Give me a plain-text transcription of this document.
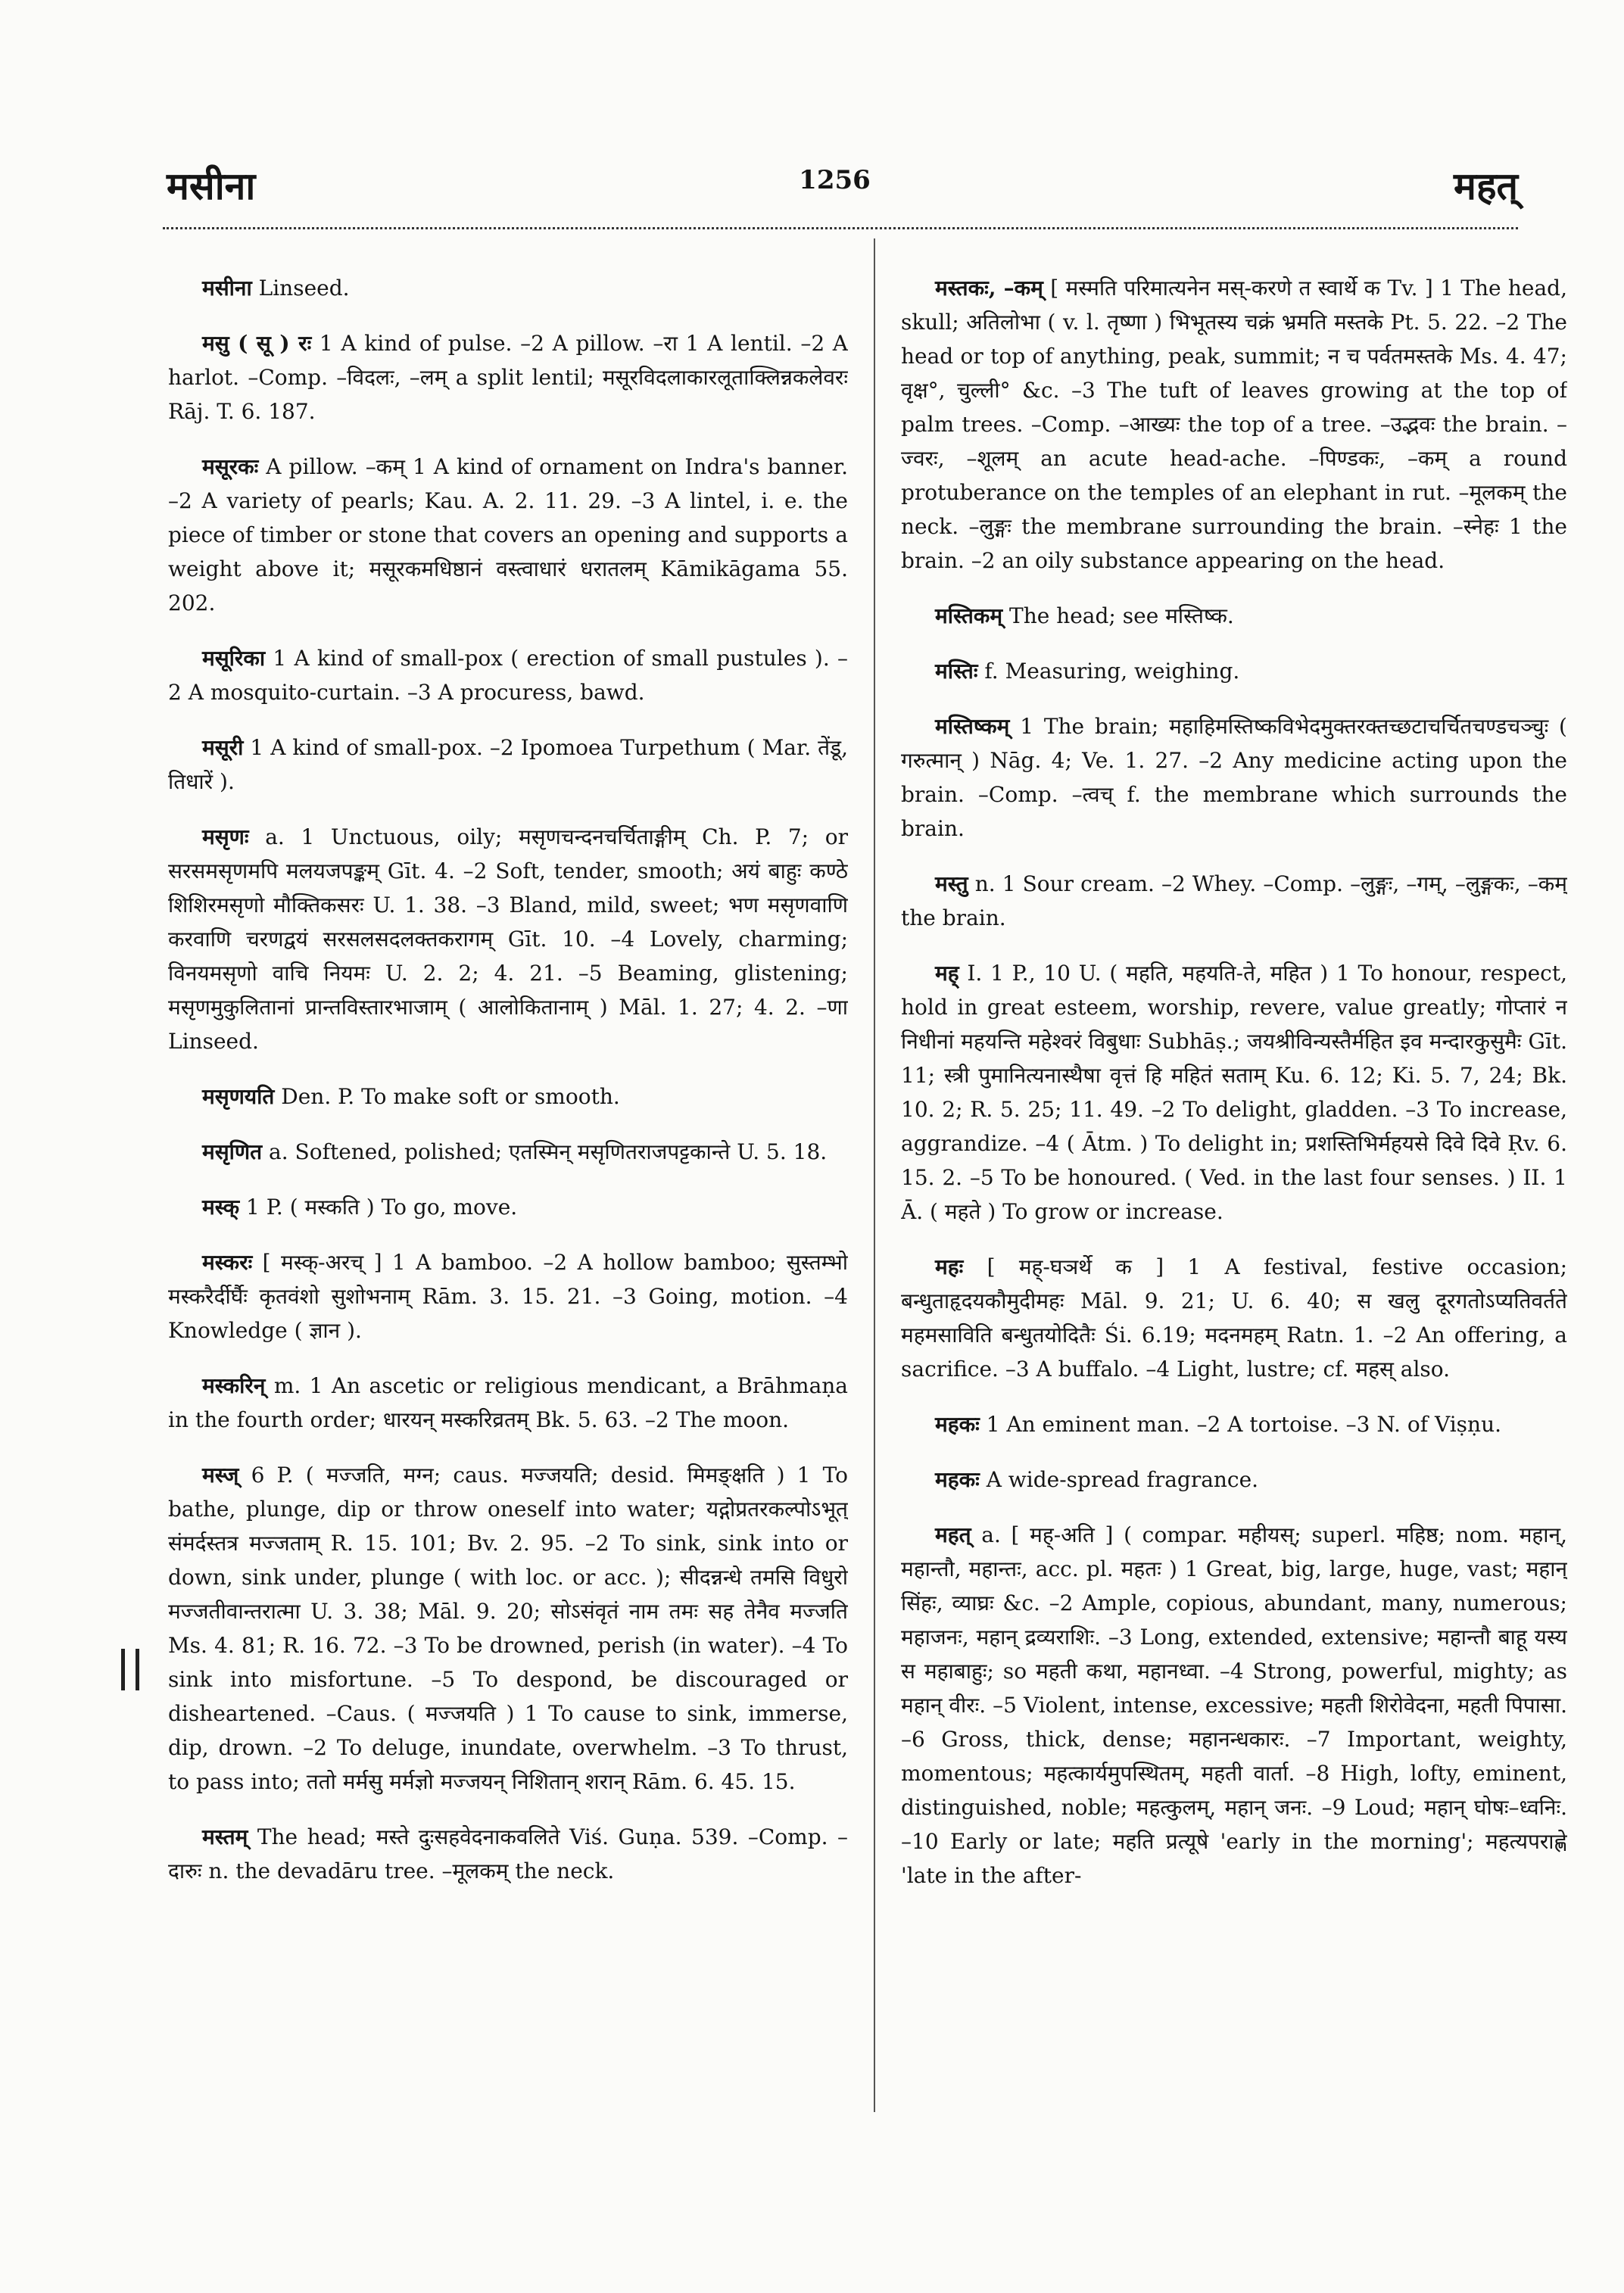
मसीना	1256	महत्

मसीना Linseed.

मसु ( सू ) रः 1 A kind of pulse. –2 A pillow. –रा 1 A lentil. –2 A harlot. –Comp. –विदलः, –लम् a split lentil; मसूरविदलाकारलूताक्लिन्नकलेवरः Rāj. T. 6. 187.

मसूरकः A pillow. –कम् 1 A kind of ornament on Indra's banner. –2 A variety of pearls; Kau. A. 2. 11. 29. –3 A lintel, i. e. the piece of timber or stone that covers an opening and supports a weight above it; मसूरकमधिष्ठानं वस्त्वाधारं धरातलम् Kāmikāgama 55. 202.

मसूरिका 1 A kind of small-pox ( erection of small pustules ). –2 A mosquito-curtain. –3 A procuress, bawd.

मसूरी 1 A kind of small-pox. –2 Ipomoea Turpethum ( Mar. तेंडू, तिधारें ).

मसृणः a. 1 Unctuous, oily; मसृणचन्दनचर्चिताङ्गीम् Ch. P. 7; or सरसमसृणमपि मलयजपङ्कम् Gīt. 4. –2 Soft, tender, smooth; अयं बाहुः कण्ठे शिशिरमसृणो मौक्तिकसरः U. 1. 38. –3 Bland, mild, sweet; भण मसृणवाणि करवाणि चरणद्वयं सरसलसदलक्तकरागम् Gīt. 10. –4 Lovely, charming; विनयमसृणो वाचि नियमः U. 2. 2; 4. 21. –5 Beaming, glistening; मसृणमुकुलितानां प्रान्तविस्तारभाजाम् ( आलोकितानाम् ) Māl. 1. 27; 4. 2. –णा Linseed.

मसृणयति Den. P. To make soft or smooth.

मसृणित a. Softened, polished; एतस्मिन् मसृणितराजपट्टकान्ते U. 5. 18.

मस्क् 1 P. ( मस्कति ) To go, move.

मस्करः [ मस्क्-अरच् ] 1 A bamboo. –2 A hollow bamboo; सुस्तम्भो मस्करैर्दीर्घैः कृतवंशो सुशोभनाम् Rām. 3. 15. 21. –3 Going, motion. –4 Knowledge ( ज्ञान ).

मस्करिन् m. 1 An ascetic or religious mendicant, a Brāhmaṇa in the fourth order; धारयन् मस्करिव्रतम् Bk. 5. 63. –2 The moon.

मस्ज् 6 P. ( मज्जति, मग्न; caus. मज्जयति; desid. मिमङ्क्षति ) 1 To bathe, plunge, dip or throw oneself into water; यद्गोप्रतरकल्पोऽभूत् संमर्दस्तत्र मज्जताम् R. 15. 101; Bv. 2. 95. –2 To sink, sink into or down, sink under, plunge ( with loc. or acc. ); सीदन्नन्धे तमसि विधुरो मज्जतीवान्तरात्मा U. 3. 38; Māl. 9. 20; सोऽसंवृतं नाम तमः सह तेनैव मज्जति Ms. 4. 81; R. 16. 72. –3 To be drowned, perish (in water). –4 To sink into misfortune. –5 To despond, be discouraged or disheartened. –Caus. ( मज्जयति ) 1 To cause to sink, immerse, dip, drown. –2 To deluge, inundate, overwhelm. –3 To thrust, to pass into; ततो मर्मसु मर्मज्ञो मज्जयन् निशितान् शरान् Rām. 6. 45. 15.

मस्तम् The head; मस्ते दुःसहवेदनाकवलिते Viś. Guṇa. 539. –Comp. –दारुः n. the devadāru tree. –मूलकम् the neck.

मस्तकः, –कम् [ मस्मति परिमात्यनेन मस्-करणे त स्वार्थे क Tv. ] 1 The head, skull; अतिलोभा ( v. l. तृष्णा ) भिभूतस्य चक्रं भ्रमति मस्तके Pt. 5. 22. –2 The head or top of anything, peak, summit; न च पर्वतमस्तके Ms. 4. 47; वृक्ष°, चुल्ली° &c. –3 The tuft of leaves growing at the top of palm trees. –Comp. –आख्यः the top of a tree. –उद्भवः the brain. –ज्वरः, –शूलम् an acute head-ache. –पिण्डकः, –कम् a round protuberance on the temples of an elephant in rut. –मूलकम् the neck. –लुङ्गः the membrane surrounding the brain. –स्नेहः 1 the brain. –2 an oily substance appearing on the head.

मस्तिकम् The head; see मस्तिष्क.

मस्तिः f. Measuring, weighing.

मस्तिष्कम् 1 The brain; महाहिमस्तिष्कविभेदमुक्तरक्तच्छटाचर्चितचण्डचञ्चुः ( गरुत्मान् ) Nāg. 4; Ve. 1. 27. –2 Any medicine acting upon the brain. –Comp. –त्वच् f. the membrane which surrounds the brain.

मस्तु n. 1 Sour cream. –2 Whey. –Comp. –लुङ्गः, –गम्, –लुङ्गकः, –कम् the brain.

मह् I. 1 P., 10 U. ( महति, महयति-ते, महित ) 1 To honour, respect, hold in great esteem, worship, revere, value greatly; गोप्तारं न निधीनां महयन्ति महेश्वरं विबुधाः Subhāṣ.; जयश्रीविन्यस्तैर्महित इव मन्दारकुसुमैः Gīt. 11; स्त्री पुमानित्यनास्थैषा वृत्तं हि महितं सताम् Ku. 6. 12; Ki. 5. 7, 24; Bk. 10. 2; R. 5. 25; 11. 49. –2 To delight, gladden. –3 To increase, aggrandize. –4 ( Ātm. ) To delight in; प्रशस्तिभिर्महयसे दिवे दिवे Ṛv. 6. 15. 2. –5 To be honoured. ( Ved. in the last four senses. ) II. 1 Ā. ( महते ) To grow or increase.

महः [ मह्-घञर्थे क ] 1 A festival, festive occasion; बन्धुताहृदयकौमुदीमहः Māl. 9. 21; U. 6. 40; स खलु दूरगतोऽप्यतिवर्तते महमसाविति बन्धुतयोदितैः Śi. 6.19; मदनमहम् Ratn. 1. –2 An offering, a sacrifice. –3 A buffalo. –4 Light, lustre; cf. महस् also.

महकः 1 An eminent man. –2 A tortoise. –3 N. of Viṣṇu.

महकः A wide-spread fragrance.

महत् a. [ मह्-अति ] ( compar. महीयस्; superl. महिष्ठ; nom. महान्, महान्तौ, महान्तः, acc. pl. महतः ) 1 Great, big, large, huge, vast; महान् सिंहः, व्याघ्रः &c. –2 Ample, copious, abundant, many, numerous; महाजनः, महान् द्रव्यराशिः. –3 Long, extended, extensive; महान्तौ बाहू यस्य स महाबाहुः; so महती कथा, महानध्वा. –4 Strong, powerful, mighty; as महान् वीरः. –5 Violent, intense, excessive; महती शिरोवेदना, महती पिपासा. –6 Gross, thick, dense; महानन्धकारः. –7 Important, weighty, momentous; महत्कार्यमुपस्थितम्, महती वार्ता. –8 High, lofty, eminent, distinguished, noble; महत्कुलम्, महान् जनः. –9 Loud; महान् घोषः–ध्वनिः. –10 Early or late; महति प्रत्यूषे 'early in the morning'; महत्यपराह्णे 'late in the after-
